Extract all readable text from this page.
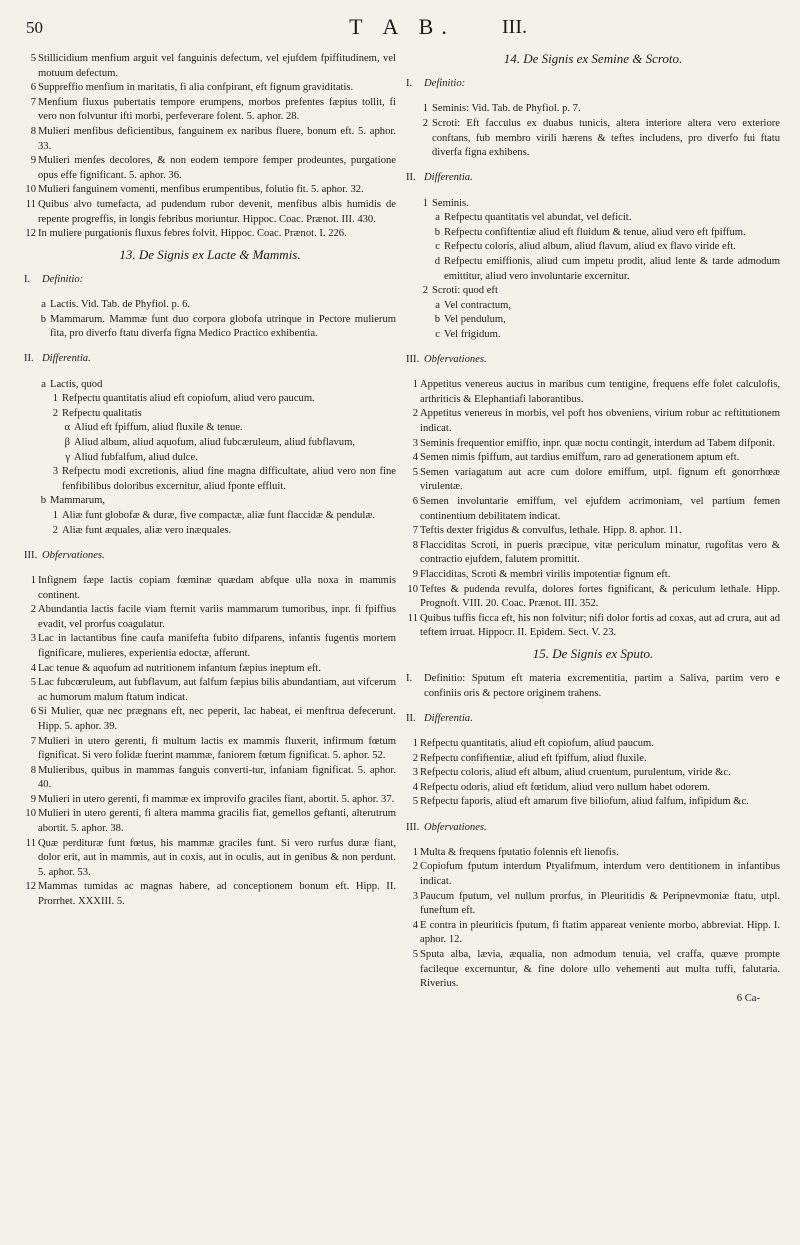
50	T A B.	III.

5 Stillicidium menfium arguit vel fanguinis defectum, vel ejufdem fpiffitudinem, vel motuum defectum.

6 Suppreffio menfium in maritatis, fi alia confpirant, eft fignum graviditatis.

7 Menfium fluxus pubertatis tempore erumpens, morbos prefentes fæpius tollit, fi vero non folvuntur ifti morbi, perfeverare folent. 5. aphor. 28.

8 Mulieri menfibus deficientibus, fanguinem ex naribus fluere, bonum eft. 5. aphor. 33.

9 Mulieri menfes decolores, & non eodem tempore femper prodeuntes, purgatione opus effe fignificant. 5. aphor. 36.

10 Mulieri fanguinem vomenti, menfibus erumpentibus, folutio fit. 5. aphor. 32.

11 Quibus alvo tumefacta, ad pudendum rubor devenit, menfibus albis humidis de repente progreffis, in longis febribus moriuntur. Hippoc. Coac. Prænot. III. 430.

12 In muliere purgationis fluxus febres folvit. Hippoc. Coac. Prænot. I. 226.

13. De Signis ex Lacte & Mammis.

I.	Definitio:

a Lactis. Vid. Tab. de Phyfiol. p. 6.

b Mammarum. Mammæ funt duo corpora globofa utrinque in Pectore mulierum fita, pro diverfo ftatu diverfa figna Medico Practico exhibentia.

II. Differentia.

a Lactis, quod

1 Refpectu quantitatis aliud eft copiofum, aliud vero paucum.

2 Refpectu qualitatis

α Aliud eft fpiffum, aliud fluxile & tenue.

β Aliud album, aliud aquofum, aliud fubcæruleum, aliud fubflavum,

γ Aliud fubfalfum, aliud dulce.

3 Refpectu modi excretionis, aliud fine magna difficultate, aliud vero non fine fenfibilibus doloribus excernitur, aliud fponte effluit.

b Mammarum,

1 Aliæ funt globofæ & duræ, five compactæ, aliæ funt flaccidæ & pendulæ.

2 Aliæ funt æquales, aliæ vero inæquales.

III. Obfervationes.

1 Infignem fæpe lactis copiam fœminæ quædam abfque ulla noxa in mammis continent.

2 Abundantia lactis facile viam fternit variis mammarum tumoribus, inpr. fi fpiffius evadit, vel prorfus coagulatur.

3 Lac in lactantibus fine caufa manifefta fubito difparens, infantis fugentis mortem fignificare, mulieres, experientia edoctæ, afferunt.

4 Lac tenue & aquofum ad nutritionem infantum fæpius ineptum eft.

5 Lac fubcœruleum, aut fubflavum, aut falfum fæpius bilis abundantiam, aut vifcerum ac humorum malum ftatum indicat.

6 Si Mulier, quæ nec prægnans eft, nec peperit, lac habeat, ei menftrua defecerunt. Hipp. 5. aphor. 39.

7 Mulieri in utero gerenti, fi multum lactis ex mammis fluxerit, infirmum fœtum fignificat. Si vero folidæ fuerint mammæ, faniorem fœtum fignificat. 5. aphor. 52.

8 Mulieribus, quibus in mammas fanguis converti-tur, infaniam fignificat. 5. aphor. 40.

9 Mulieri in utero gerenti, fi mammæ ex improvifo graciles fiant, abortit. 5. aphor. 37.

10 Mulieri in utero gerenti, fi altera mamma gracilis fiat, gemellos geftanti, alterutrum abortit. 5. aphor. 38.

11 Quæ perdituræ funt fœtus, his mammæ graciles funt. Si vero rurfus duræ fiant, dolor erit, aut in mammis, aut in coxis, aut in oculis, aut in genibus & non perdunt. 5. aphor. 53.

12 Mammas tumidas ac magnas habere, ad conceptionem bonum eft. Hipp. II. Prorrhet. XXXIII. 5.

14. De Signis ex Semine & Scroto.

I.	Definitio:

1 Seminis: Vid. Tab. de Phyfiol. p. 7.

2 Scroti: Eft facculus ex duabus tunicis, altera interiore altera vero exteriore conftans, fub membro virili hærens & teftes includens, pro diverfo fui ftatu diverfa figna exhibens.

II. Differentia.

1 Seminis.

a Refpectu quantitatis vel abundat, vel deficit.

b Refpectu confiftentiæ aliud eft fluidum & tenue, aliud vero eft fpiffum.

c Refpectu coloris, aliud album, aliud flavum, aliud ex flavo viride eft.

d Refpectu emiffionis, aliud cum impetu prodit, aliud lente & tarde admodum emittitur, aliud vero involuntarie excernitur.

2 Scroti: quod eft

a Vel contractum,

b Vel pendulum,

c Vel frigidum.

III. Obfervationes.

1 Appetitus venereus auctus in maribus cum tentigine, frequens effe folet calculofis, arthriticis & Elephantiafi laborantibus.

2 Appetitus venereus in morbis, vel poft hos obveniens, virium robur ac reftitutionem indicat.

3 Seminis frequentior emiffio, inpr. quæ noctu contingit, interdum ad Tabem difponit.

4 Semen nimis fpiffum, aut tardius emiffum, raro ad generationem aptum eft.

5 Semen variagatum aut acre cum dolore emiffum, utpl. fignum eft gonorrhœæ virulentæ.

6 Semen involuntarie emiffum, vel ejufdem acrimoniam, vel partium femen continentium debilitatem indicat.

7 Teftis dexter frigidus & convulfus, lethale. Hipp. 8. aphor. 11.

8 Flacciditas Scroti, in pueris præcipue, vitæ periculum minatur, rugofitas vero & contractio ejufdem, falutem promittit.

9 Flacciditas, Scroti & membri virilis impotentiæ fignum eft.

10 Teftes & pudenda revulfa, dolores fortes fignificant, & periculum lethale. Hipp. Prognoft. VIII. 20. Coac. Prænot. III. 352.

11 Quibus tuffis ficca eft, his non folvitur; nifi dolor fortis ad coxas, aut ad crura, aut ad teftem irruat. Hippocr. II. Epidem. Sect. V. 23.

15. De Signis ex Sputo.

I.	Definitio: Sputum eft materia excrementitia, partim a Saliva, partim vero e confiniis oris & pectore originem trahens.

II. Differentia.

1 Refpectu quantitatis, aliud eft copiofum, aliud paucum.

2 Refpectu confiftentiæ, aliud eft fpiffum, aliud fluxile.

3 Refpectu coloris, aliud eft album, aliud cruentum, purulentum, viride &c.

4 Refpectu odoris, aliud eft fœtidum, aliud vero nullum habet odorem.

5 Refpectu faporis, aliud eft amarum five biliofum, aliud falfum, infipidum &c.

III. Obfervationes.

1 Multa & frequens fputatio folennis eft lienofis.

2 Copiofum fputum interdum Ptyalifmum, interdum vero dentitionem in infantibus indicat.

3 Paucum fputum, vel nullum prorfus, in Pleuritidis & Peripnevmoniæ ftatu, utpl. funeftum eft.

4 E contra in pleuriticis fputum, fi ftatim appareat veniente morbo, abbreviat. Hipp. I. aphor. 12.

5 Sputa alba, lævia, æqualia, non admodum tenuia, vel craffa, quæve prompte facileque excernuntur, & fine dolore ullo vehementi aut multa tuffi, falutaria. Riverius.

6 Ca-
